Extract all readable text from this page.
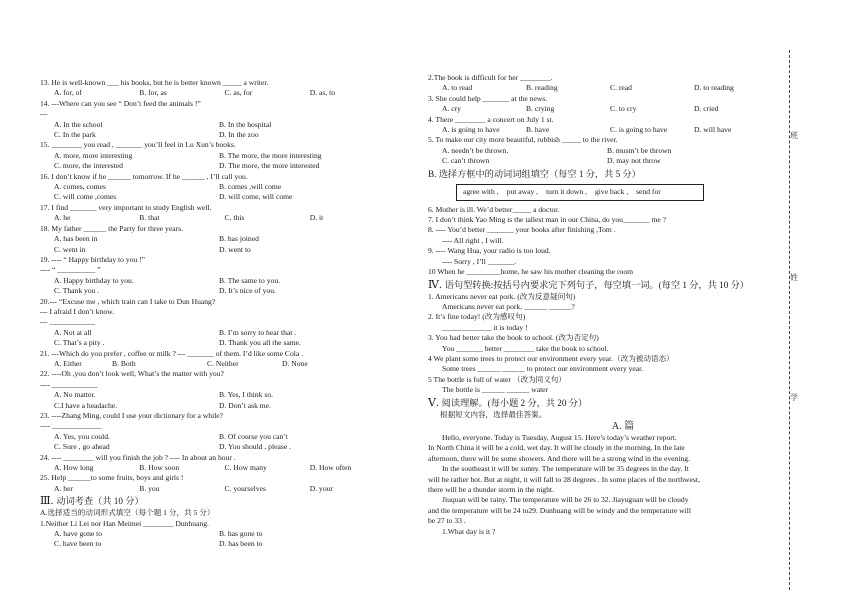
13. He is well-known ___ his books, but he is better known _____ a writer.
A. for, of	B. for, as	C. as, for	D. as, to
14. ---Where can you see “ Don’t feed the animals !”
---
A. In the school	B. In the hospital
C. In the park	D. In the zoo
15. ________ you read , _______ you’ll feel in Lu Xun’s books.
A. more, more interesting	B. The more, the more interesting
C. more, the interested	D. The more, the more interested
16. I don’t know if he ______ tomorrow. If he ______ , I’ll call you.
A. comes, comes	B. comes ,will come
C. will come ,comes	D. will come, will come
17. I find _______ very important to study English well.
A. he	B. that	C. this	D. it
18. My father ______ the Party for three years.
A. has been in	B. has joined
C. went in	D. went to
19. ---- “ Happy birthday to you !”
---- “ __________ ”
A. Happy birthday to you.	B. The same to you.
C. Thank you .	D. It’s nice of you.
20.--- “Excuse me , which train can I take to Dun Huang?
--- I afraid I don’t know.
--- ____________
A. Not at all	B. I’m sorry to hear that .
C. That’s a pity .	D. Thank you all the same.
21. ---Which do you prefer , coffee or milk ? --- _______ of them. I’d like some Cola .
A. Either	B. Both	C. Neither	D. None
22. ----Oh ,you don’t look well, What’s the matter with you?
---- ____________
A. No matter.	B. Yes, I think so.
C.I have a headache.	D. Don’t ask me.
23. ----Zhang Ming, could I use your dictionary for a while?
---- _____________
A. Yes, you could.	B. Of course you can’t
C. Sure , go ahead	D. You should , please .
24. ---- ________ will you finish the job ? ---- In about an hour .
A. How long	B. How soon	C. How many	D. How often
25. Help ______to some fruits, boys and girls !
A. her	B. you	C. yourselves	D. your
Ⅲ. 动词考查（共 10 分）
A.选择适当的动词形式填空（每个题 1 分，共 5 分）
1.Neither Li Lei nor Han Meimei ________ Dunhuang.
A. have gone to	B. has gone to
C. have been to	D. has been to
2.The book is difficult for her ________.
A. to read	B. reading	C. read	D. to reading
3. She could help _______ at the news.
A. cry	B. crying	C. to cry	D. cried
4. There ________ a concert on July 1 st.
A. is going to have	B. have	C. is going to have	D. will have
5. To make our city more beautiful, rubbish _____ to the river.
A. needn’t be thrown.	B. mustn’t be thrown
C. can’t thrown	D. may not throw
B. 选择方框中的动词词组填空（每空 1 分，共 5 分）
agree with , put away , turn it down , give back , send for
6. Mother is ill. We’d better_____ a doctor.
7. I don’t think Yao Ming is the tallest man in our China, do you_______ me ?
8. ---- You’d better _______ your books after finishing ,Tom .
---- All right , I will.
9. ---- Wang Hua, your radio is too loud.
---- Sorry , I’ll _______.
10 When he _________home, he saw his mother cleaning the room
Ⅳ. 语句型转换:按括号内要求完下列句子，每空填一词。(每空 1 分，共 10 分）
1. Americans never eat pork. (改为反意疑问句)
Americans never eat pork, ______ ______?
2. It’s fine today! (改为感叹句)
_____________ it is today !
3. You had better take the book to school. (改为否定句)
You _______ better ________ take the book to school.
4 We plant some trees to protect our environment every year.（改为被动语态）
Some trees ______ ______ to protect our environment every year.
5 The bottle is full of water （改为同义句）
The bottle is ______ ______ water
Ⅴ. 阅读理解。(每小题 2 分，共 20 分）
根据短文内容，选择最佳答案。
A. 篇
Hello, everyone. Today is Tuesday, August 15. Here’s today’s weather report.
In North China it will be a cold, wet day. It will be cloudy in the morning. In the late
afternoon, there will be some showers. And there will be a strong wind in the evening.
In the southeast it will be sunny. The temperature will be 35 degrees in the day. It
will be rather hot. But at night, it will fall to 28 degrees . In some places of the northwest,
there will be a thunder storm in the night.
Jiuquan will be rainy. The temperature will be 26 to 32. Jiayuguan will be cloudy
and the temperature will be 24 to29. Dunhuang will be windy and the temperature will
be 27 to 33 .
1.What day is it ?
班
姓
学
